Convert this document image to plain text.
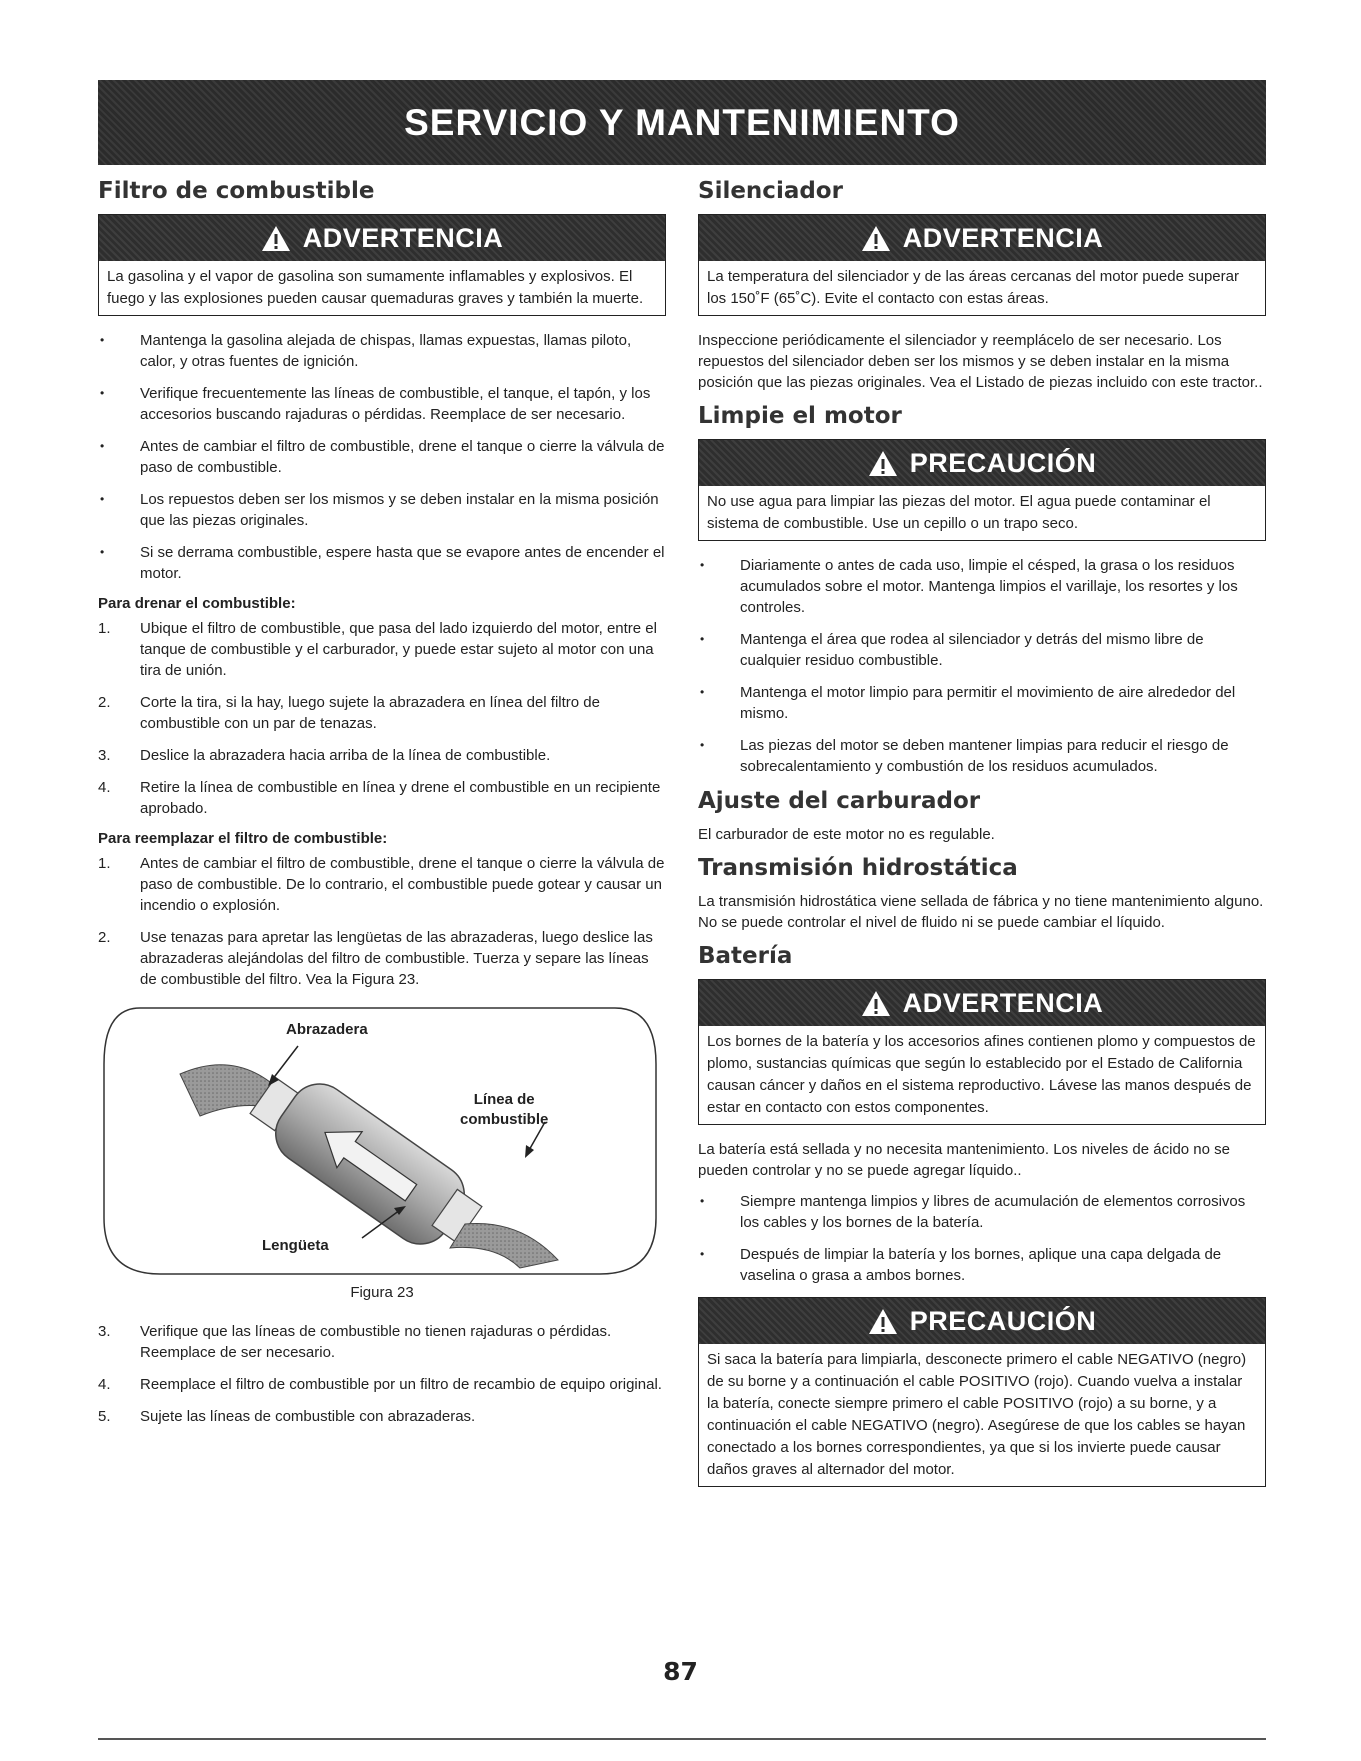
SERVICIO Y MANTENIMIENTO
Filtro de combustible
ADVERTENCIA
La gasolina y el vapor de gasolina son sumamente inflamables y explosivos. El fuego y las explosiones pueden causar quemaduras graves y también la muerte.
• Mantenga la gasolina alejada de chispas, llamas expuestas, llamas piloto, calor, y otras fuentes de ignición.
• Verifique frecuentemente las líneas de combustible, el tanque, el tapón, y los accesorios buscando rajaduras o pérdidas. Reemplace de ser necesario.
• Antes de cambiar el filtro de combustible, drene el tanque o cierre la válvula de paso de combustible.
• Los repuestos deben ser los mismos y se deben instalar en la misma posición que las piezas originales.
• Si se derrama combustible, espere hasta que se evapore antes de encender el motor.
Para drenar el combustible:
1. Ubique el filtro de combustible, que pasa del lado izquierdo del motor, entre el tanque de combustible y el carburador, y puede estar sujeto al motor con una tira de unión.
2. Corte la tira, si la hay, luego sujete la abrazadera en línea del filtro de combustible con un par de tenazas.
3. Deslice la abrazadera hacia arriba de la línea de combustible.
4. Retire la línea de combustible en línea y drene el combustible en un recipiente aprobado.
Para reemplazar el filtro de combustible:
1. Antes de cambiar el filtro de combustible, drene el tanque o cierre la válvula de paso de combustible. De lo contrario, el combustible puede gotear y causar un incendio o explosión.
2. Use tenazas para apretar las lengüetas de las abrazaderas, luego deslice las abrazaderas alejándolas del filtro de combustible. Tuerza y separe las líneas de combustible del filtro. Vea la Figura 23.
Abrazadera
Línea de
combustible
Lengüeta
Figura 23
3. Verifique que las líneas de combustible no tienen rajaduras o pérdidas. Reemplace de ser necesario.
4. Reemplace el filtro de combustible por un filtro de recambio de equipo original.
5. Sujete las líneas de combustible con abrazaderas.
Silenciador
ADVERTENCIA
La temperatura del silenciador y de las áreas cercanas del motor puede superar los 150˚F (65˚C). Evite el contacto con estas áreas.

Inspeccione periódicamente el silenciador y reemplácelo de ser necesario. Los repuestos del silenciador deben ser los mismos y se deben instalar en la misma posición que las piezas originales. Vea el Listado de piezas incluido con este tractor..

Limpie el motor
PRECAUCIÓN
No use agua para limpiar las piezas del motor. El agua puede contaminar el sistema de combustible. Use un cepillo o un trapo seco.
• Diariamente o antes de cada uso, limpie el césped, la grasa o los residuos acumulados sobre el motor. Mantenga limpios el varillaje, los resortes y los controles.
• Mantenga el área que rodea al silenciador y detrás del mismo libre de cualquier residuo combustible.
• Mantenga el motor limpio para permitir el movimiento de aire alrededor del mismo.
• Las piezas del motor se deben mantener limpias para reducir el riesgo de sobrecalentamiento y combustión de los residuos acumulados.
Ajuste del carburador

El carburador de este motor no es regulable.

Transmisión hidrostática

La transmisión hidrostática viene sellada de fábrica y no tiene mantenimiento alguno. No se puede controlar el nivel de fluido ni se puede cambiar el líquido.

Batería
ADVERTENCIA
Los bornes de la batería y los accesorios afines contienen plomo y compuestos de plomo, sustancias químicas que según lo establecido por el Estado de California causan cáncer y daños en el sistema reproductivo. Lávese las manos después de estar en contacto con estos componentes.

La batería está sellada y no necesita mantenimiento. Los niveles de ácido no se pueden controlar y no se puede agregar líquido..

• Siempre mantenga limpios y libres de acumulación de elementos corrosivos los cables y los bornes de la batería.
• Después de limpiar la batería y los bornes, aplique una capa delgada de vaselina o grasa a ambos bornes.
PRECAUCIÓN
Si saca la batería para limpiarla, desconecte primero el cable NEGATIVO (negro) de su borne y a continuación el cable POSITIVO (rojo). Cuando vuelva a instalar la batería, conecte siempre primero el cable POSITIVO (rojo) a su borne, y a continuación el cable NEGATIVO (negro). Asegúrese de que los cables se hayan conectado a los bornes correspondientes, ya que si los invierte puede causar daños graves al alternador del motor.
87
